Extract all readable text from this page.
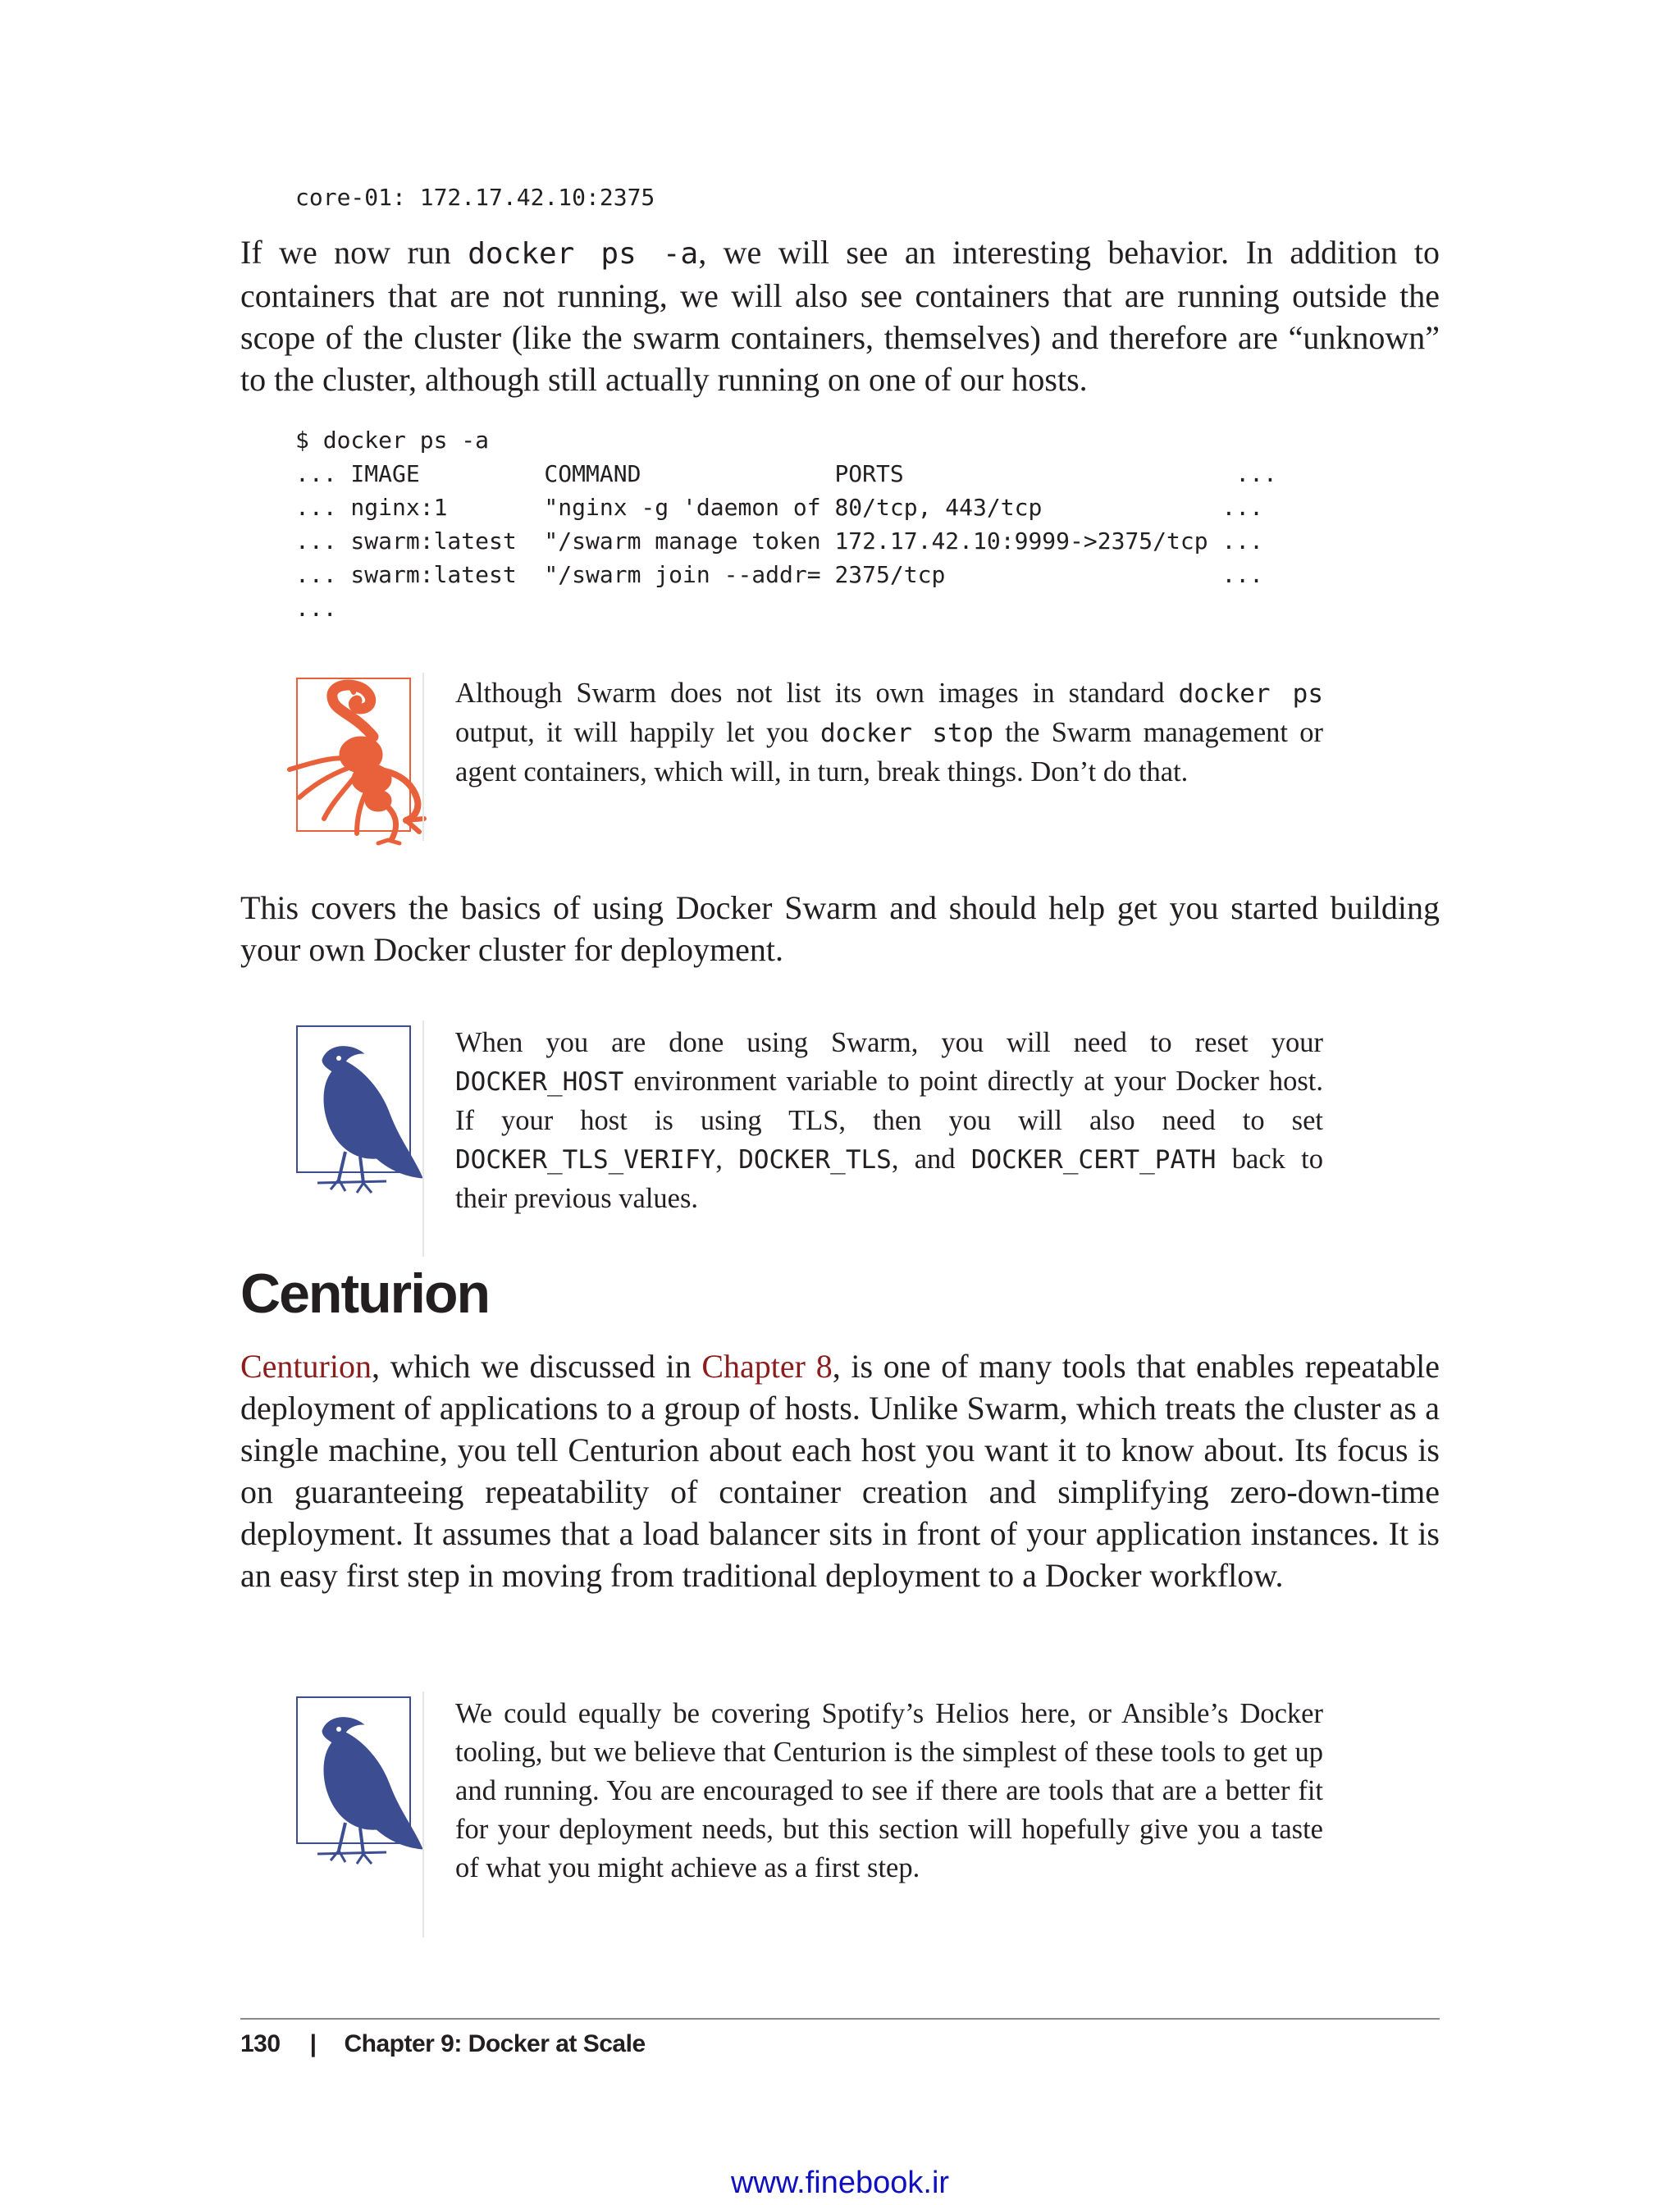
core-01: 172.17.42.10:2375

If we now run docker ps -a, we will see an interesting behavior. In addition to containers that are not running, we will also see containers that are running outside the scope of the cluster (like the swarm containers, themselves) and therefore are “unknown” to the cluster, although still actually running on one of our hosts.

$ docker ps -a
... IMAGE         COMMAND              PORTS                        ...
... nginx:1       "nginx -g 'daemon of 80/tcp, 443/tcp             ...
... swarm:latest  "/swarm manage token 172.17.42.10:9999->2375/tcp ...
... swarm:latest  "/swarm join --addr= 2375/tcp                    ...
...

Although Swarm does not list its own images in standard docker ps output, it will happily let you docker stop the Swarm management or agent containers, which will, in turn, break things. Don’t do that.

This covers the basics of using Docker Swarm and should help get you started building your own Docker cluster for deployment.

When you are done using Swarm, you will need to reset your DOCKER_HOST environment variable to point directly at your Docker host. If your host is using TLS, then you will also need to set DOCKER_TLS_VERIFY, DOCKER_TLS, and DOCKER_CERT_PATH back to their previous values.

Centurion

Centurion, which we discussed in Chapter 8, is one of many tools that enables repeatable deployment of applications to a group of hosts. Unlike Swarm, which treats the cluster as a single machine, you tell Centurion about each host you want it to know about. Its focus is on guaranteeing repeatability of container creation and simplifying zero-down-time deployment. It assumes that a load balancer sits in front of your application instances. It is an easy first step in moving from traditional deployment to a Docker workflow.

We could equally be covering Spotify’s Helios here, or Ansible’s Docker tooling, but we believe that Centurion is the simplest of these tools to get up and running. You are encouraged to see if there are tools that are a better fit for your deployment needs, but this section will hopefully give you a taste of what you might achieve as a first step.

130 | Chapter 9: Docker at Scale
www.finebook.ir
